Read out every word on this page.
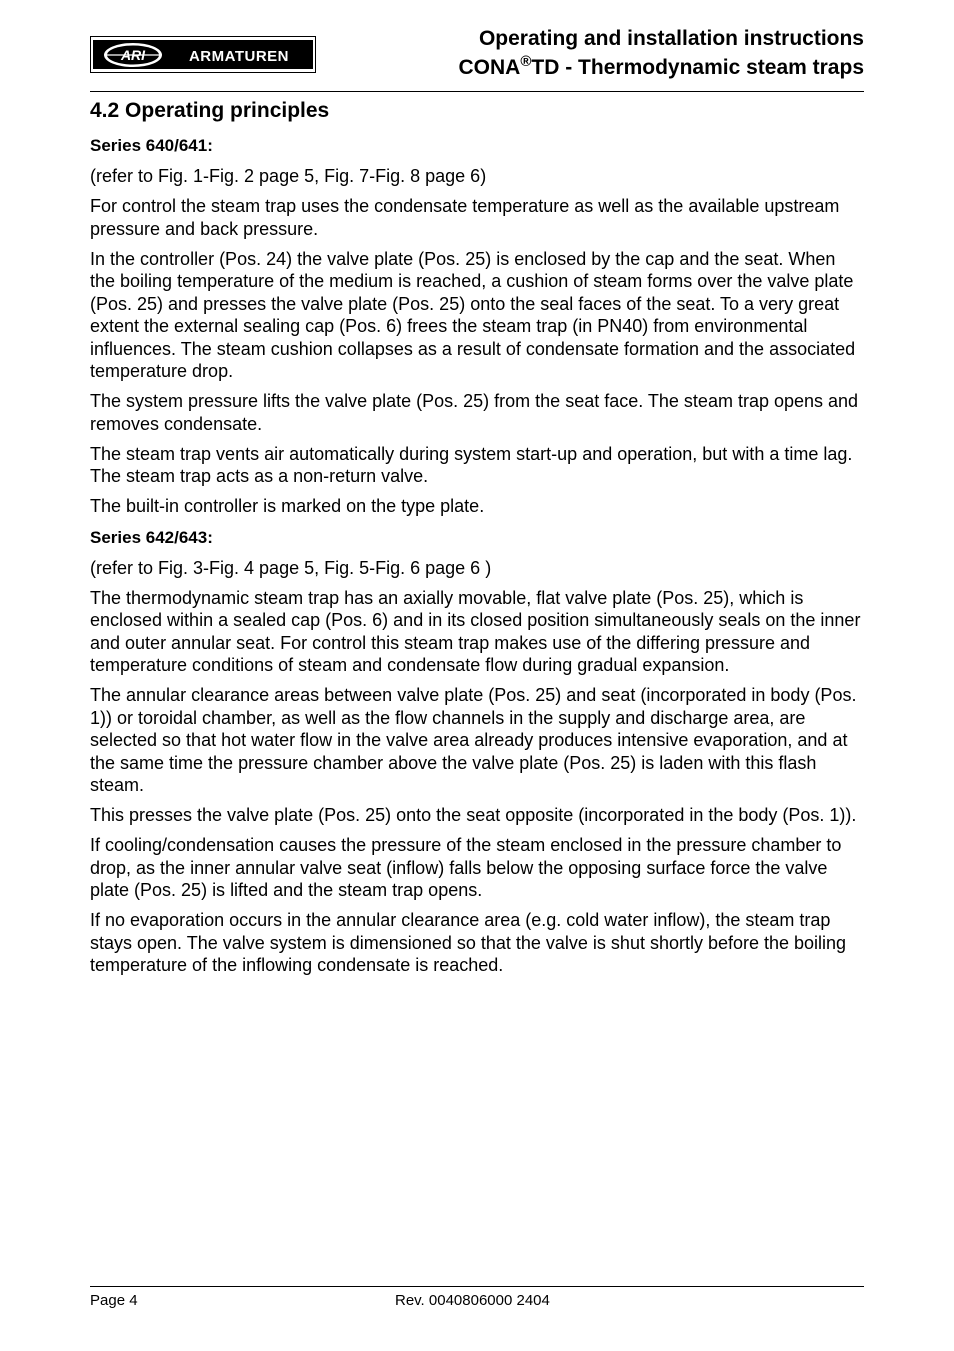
ARI	ARMATUREN
Operating and installation instructions
CONA®TD - Thermodynamic steam traps
4.2 Operating principles
Series 640/641:

(refer to Fig. 1-Fig. 2 page 5, Fig. 7-Fig. 8 page 6)

For control the steam trap uses the condensate temperature as well as the available upstream pressure and back pressure.

In the controller (Pos. 24) the valve plate (Pos. 25) is enclosed by the cap and the seat. When the boiling temperature of the medium is reached, a cushion of steam forms over the valve plate (Pos. 25) and presses the valve plate (Pos. 25) onto the seal faces of the seat. To a very great extent the external sealing cap (Pos. 6) frees the steam trap (in PN40) from environmental influences. The steam cushion collapses as a result of condensate formation and the associated temperature drop.

The system pressure lifts the valve plate (Pos. 25) from the seat face. The steam trap opens and removes condensate.

The steam trap vents air automatically during system start-up and operation, but with a time lag. The steam trap acts as a non-return valve.

The built-in controller is marked on the type plate.

Series 642/643:

(refer to Fig. 3-Fig. 4 page 5, Fig. 5-Fig. 6 page 6 )

The thermodynamic steam trap has an axially movable, flat valve plate (Pos. 25), which is enclosed within a sealed cap (Pos. 6) and in its closed position simultaneously seals on the inner and outer annular seat. For control this steam trap makes use of the differing pressure and temperature conditions of steam and condensate flow during gradual expansion.

The annular clearance areas between valve plate (Pos. 25) and seat (incorporated in body (Pos. 1)) or toroidal chamber, as well as the flow channels in the supply and discharge area, are selected so that hot water flow in the valve area already produces intensive evaporation, and at the same time the pressure chamber above the valve plate (Pos. 25) is laden with this flash steam.

This presses the valve plate (Pos. 25) onto the seat opposite (incorporated in the body (Pos. 1)).

If cooling/condensation causes the pressure of the steam enclosed in the pressure chamber to drop, as the inner annular valve seat (inflow) falls below the opposing surface force the valve plate (Pos. 25) is lifted and the steam trap opens.

If no evaporation occurs in the annular clearance area (e.g. cold water inflow), the steam trap stays open. The valve system is dimensioned so that the valve is shut shortly before the boiling temperature of the inflowing condensate is reached.

Page 4	Rev. 0040806000 2404
